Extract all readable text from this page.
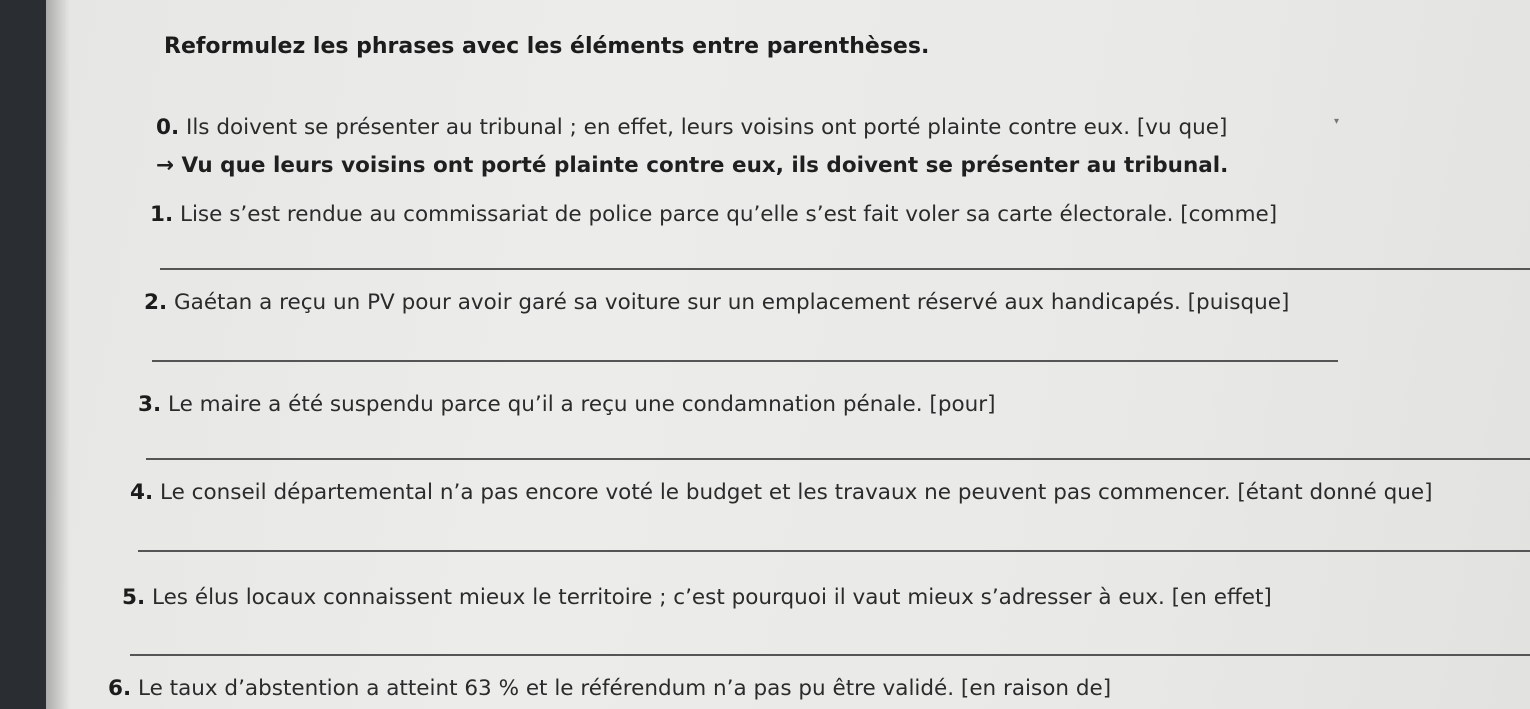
Reformulez les phrases avec les éléments entre parenthèses.
0. Ils doivent se présenter au tribunal ; en effet, leurs voisins ont porté plainte contre eux. [vu que]	▾
→ Vu que leurs voisins ont porté plainte contre eux, ils doivent se présenter au tribunal.
1. Lise s’est rendue au commissariat de police parce qu’elle s’est fait voler sa carte électorale. [comme]
2. Gaétan a reçu un PV pour avoir garé sa voiture sur un emplacement réservé aux handicapés. [puisque]
3. Le maire a été suspendu parce qu’il a reçu une condamnation pénale. [pour]
4. Le conseil départemental n’a pas encore voté le budget et les travaux ne peuvent pas commencer. [étant donné que]
5. Les élus locaux connaissent mieux le territoire ; c’est pourquoi il vaut mieux s’adresser à eux. [en effet]
6. Le taux d’abstention a atteint 63 % et le référendum n’a pas pu être validé. [en raison de]
